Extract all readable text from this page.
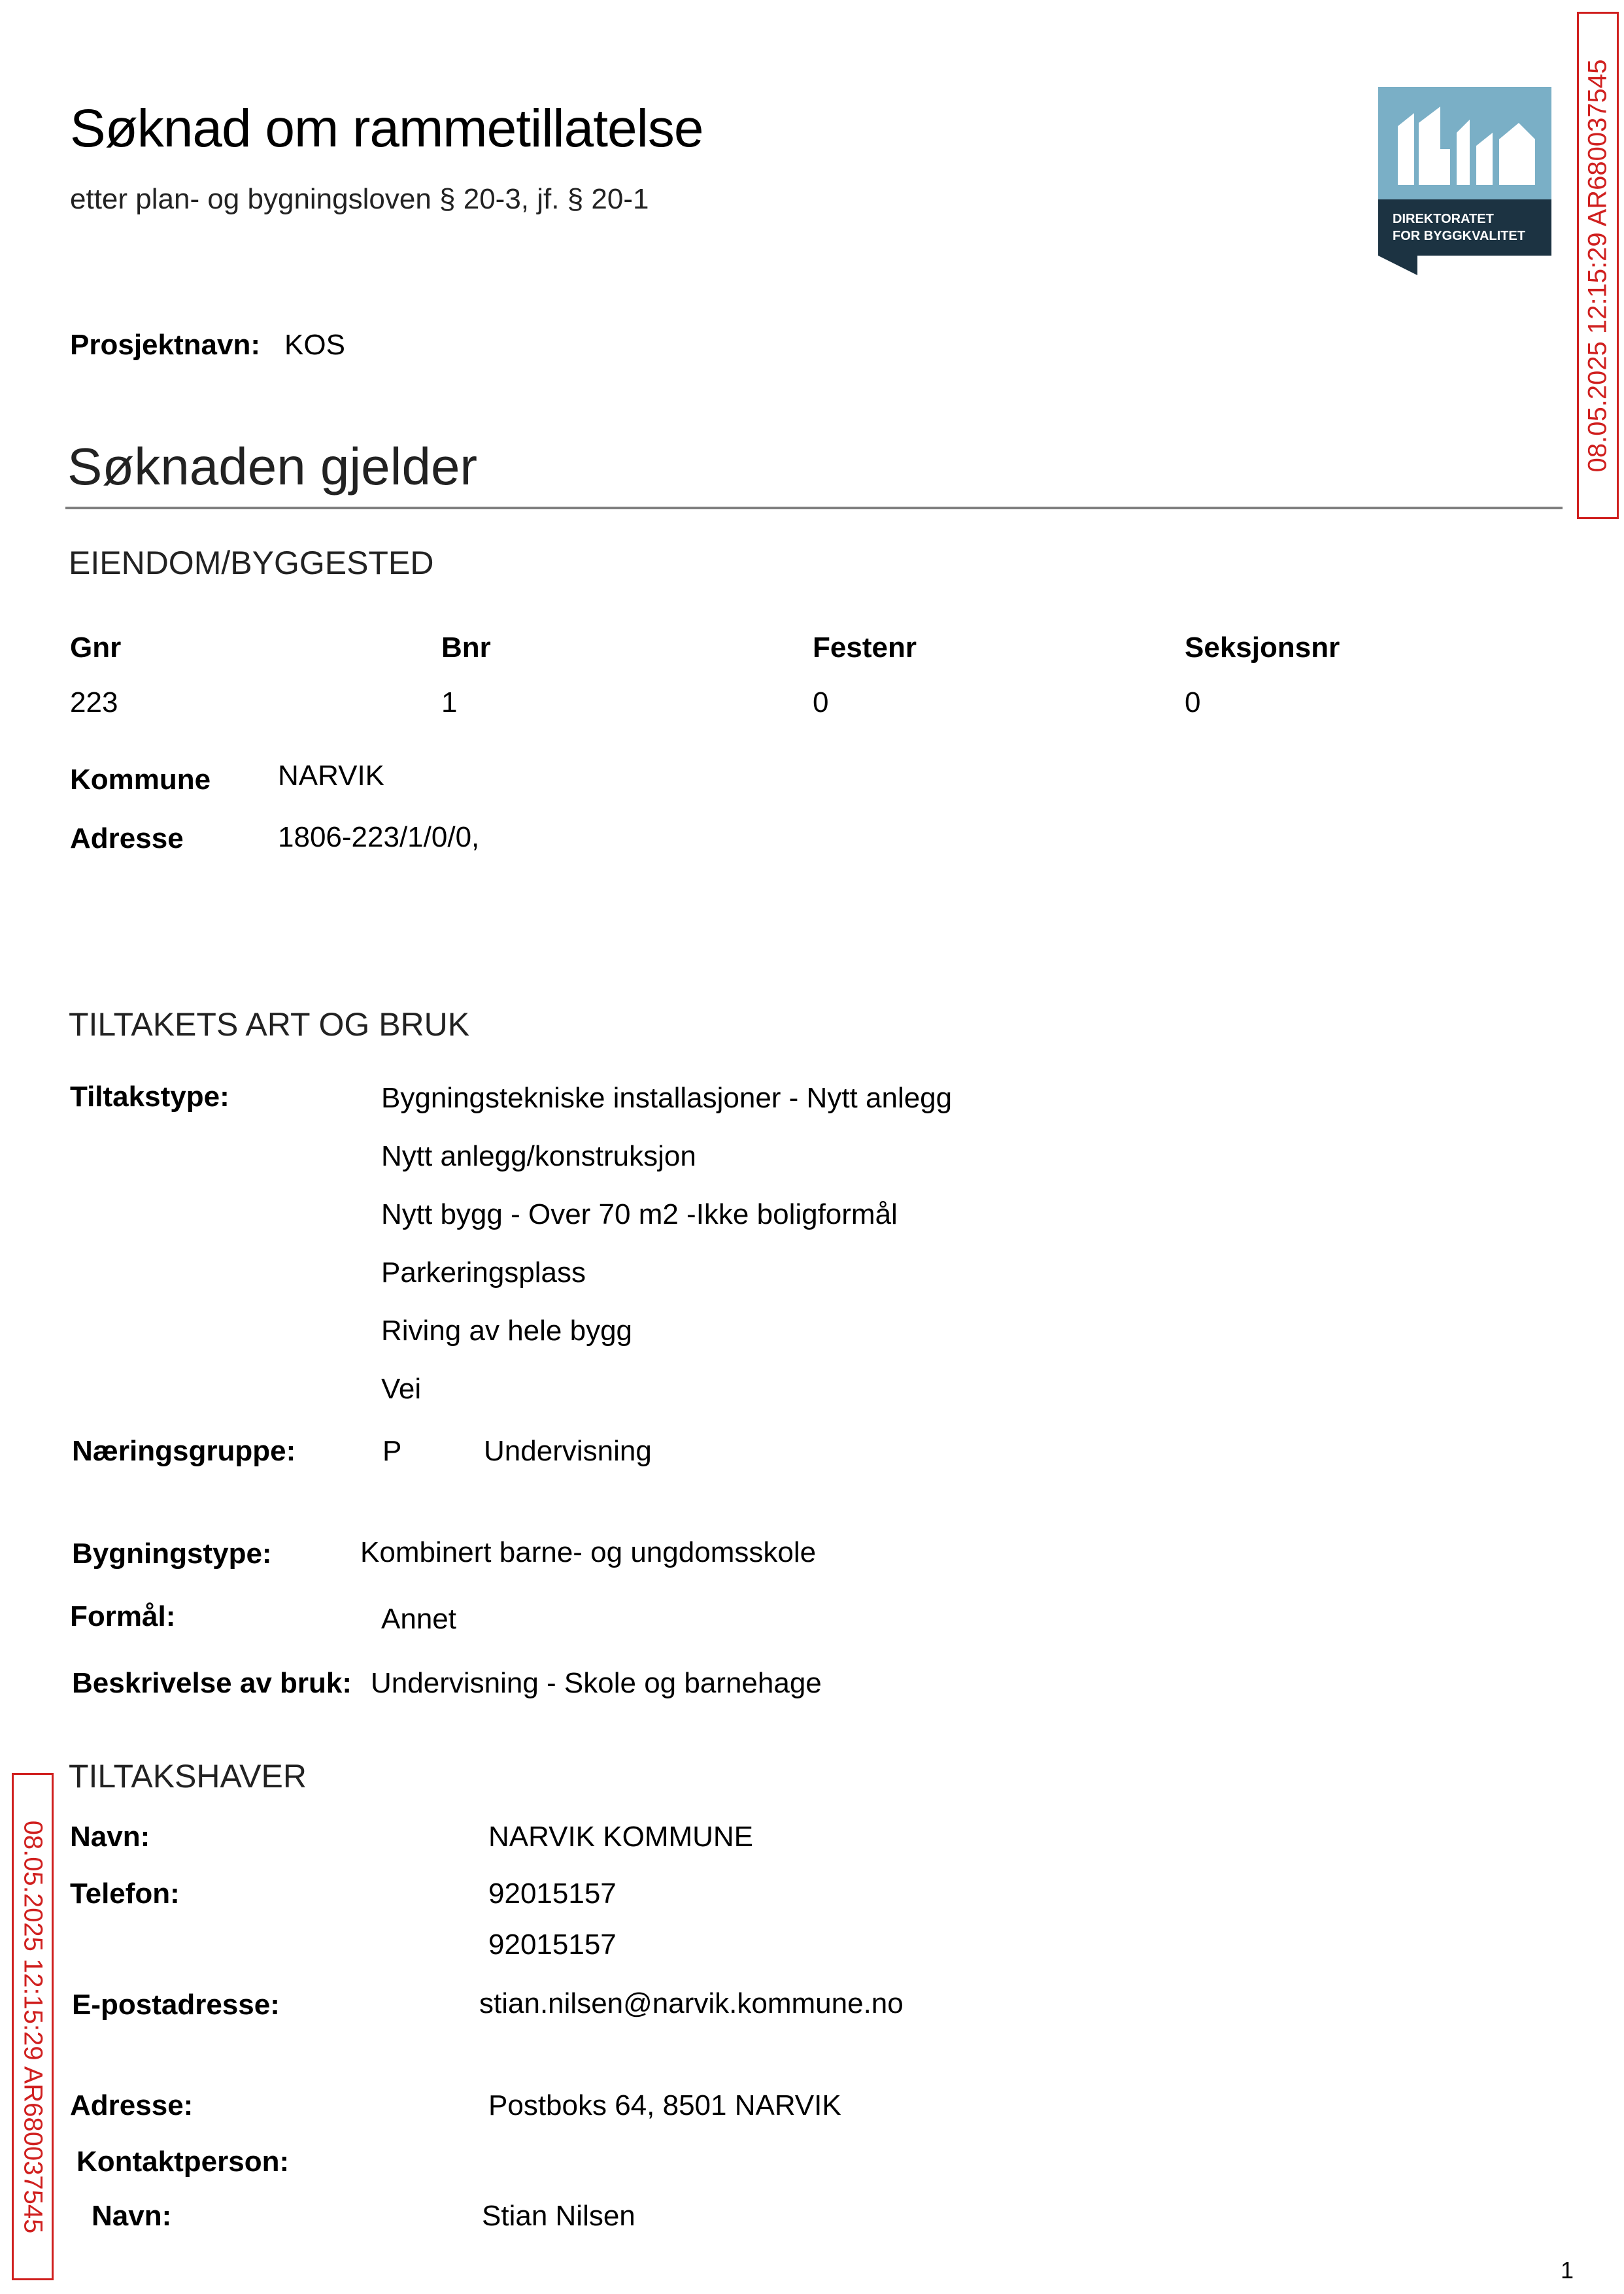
Søknad om rammetillatelse
etter plan- og bygningsloven § 20-3, jf. § 20-1
DIREKTORATET
FOR BYGGKVALITET
Prosjektnavn: KOS
Søknaden gjelder
EIENDOM/BYGGESTED
Gnr	Bnr	Festenr	Seksjonsnr
223	1	0	0
Kommune NARVIK
Adresse	1806-223/1/0/0,
TILTAKETS ART OG BRUK
Tiltakstype:	Bygningstekniske installasjoner - Nytt anlegg
Nytt anlegg/konstruksjon
Nytt bygg - Over 70 m2 -Ikke boligformål
Parkeringsplass
Riving av hele bygg
Vei
Næringsgruppe:	P	Undervisning
Bygningstype:	Kombinert barne- og ungdomsskole
Formål:	Annet
Beskrivelse av bruk: Undervisning - Skole og barnehage
TILTAKSHAVER
Navn:	NARVIK KOMMUNE
Telefon:	92015157
92015157
E-postadresse:	stian.nilsen@narvik.kommune.no
Adresse:	Postboks 64, 8501 NARVIK
Kontaktperson:
Navn:	Stian Nilsen
08.05.2025 12:15:29 AR680037545
08.05.2025 12:15:29 AR680037545
1
